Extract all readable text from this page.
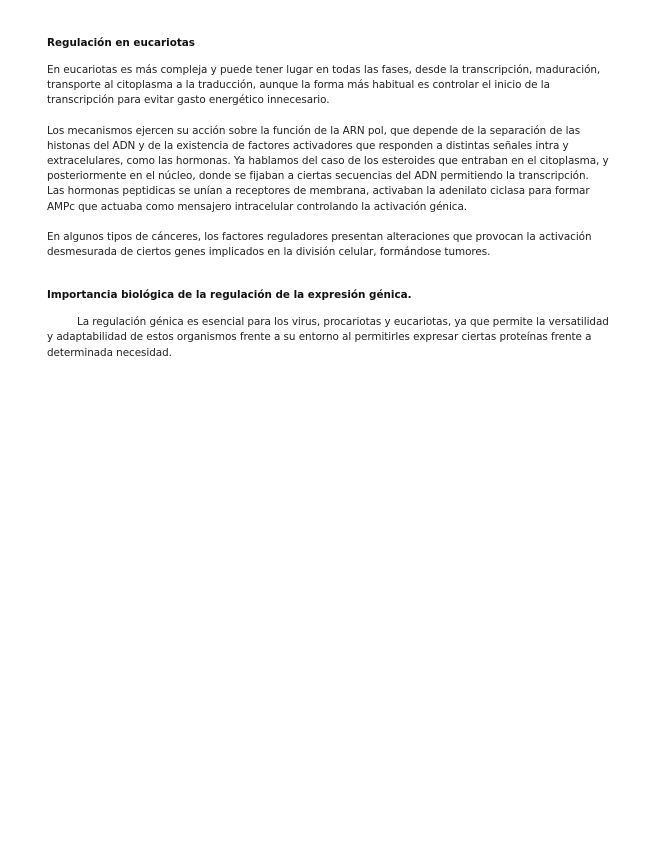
Regulación en eucariotas

En eucariotas es más compleja y puede tener lugar en todas las fases, desde la transcripción, maduración, transporte al citoplasma a la traducción, aunque la forma más habitual es controlar el inicio de la transcripción para evitar gasto energético innecesario.

Los mecanismos ejercen su acción sobre la función de la ARN pol, que depende de la separación de las histonas del ADN y de la existencia de factores activadores que responden a distintas señales intra y extracelulares, como las hormonas. Ya hablamos del caso de los esteroides que entraban en el citoplasma, y posteriormente en el núcleo, donde se fijaban a ciertas secuencias del ADN permitiendo la transcripción. Las hormonas peptidicas se unían a receptores de membrana, activaban la adenilato ciclasa para formar AMPc que actuaba como mensajero intracelular controlando la activación génica.

En algunos tipos de cánceres, los factores reguladores presentan alteraciones que provocan la activación desmesurada de ciertos genes implicados en la división celular, formándose tumores.

Importancia biológica de la regulación de la expresión génica.

La regulación génica es esencial para los virus, procariotas y eucariotas, ya que permite la versatilidad y adaptabilidad de estos organismos frente a su entorno al permitirles expresar ciertas proteínas frente a determinada necesidad.
